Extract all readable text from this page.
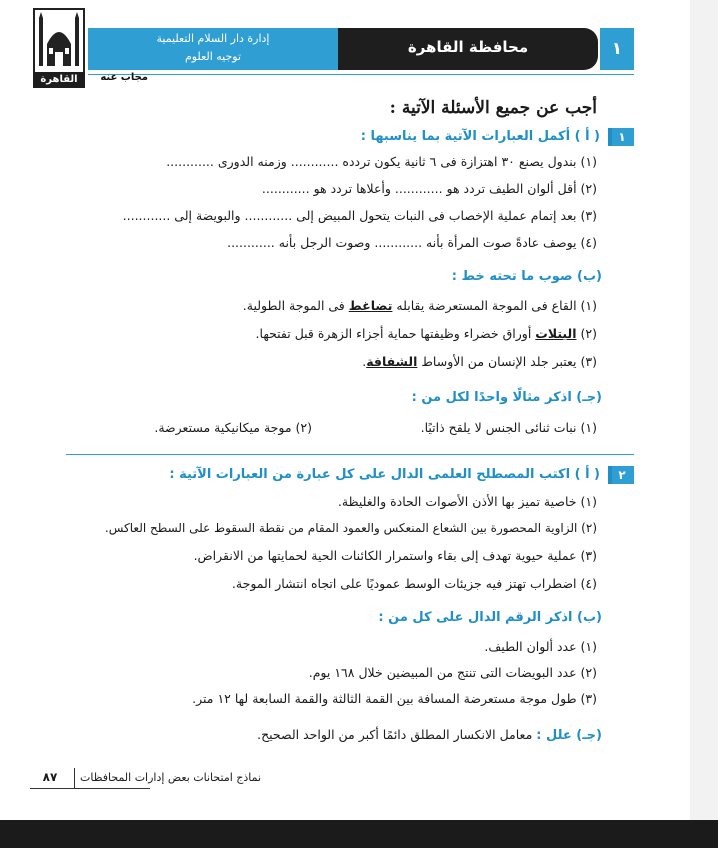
القاهرة
إدارة دار السلام التعليمية
توجيه العلوم
محافظة القاهرة	١
مجاب عنه
أجب عن جميع الأسئلة الآتية :
١
( أ ) أكمل العبارات الآتية بما يناسبها :
(١) بندول يصنع ٣٠ اهتزازة فى ٦ ثانية يكون تردده ............ وزمنه الدورى ............
(٢) أقل ألوان الطيف تردد هو ............ وأعلاها تردد هو ............
(٣) بعد إتمام عملية الإخصاب فى النبات يتحول المبيض إلى ............ والبويضة إلى ............
(٤) يوصف عادةً صوت المرأة بأنه ............ وصوت الرجل بأنه ............
(ب) صوب ما تحته خط :
(١) القاع فى الموجة المستعرضة يقابله تضاغط فى الموجة الطولية.
(٢) البتلات أوراق خضراء وظيفتها حماية أجزاء الزهرة قبل تفتحها.
(٣) يعتبر جلد الإنسان من الأوساط الشفافة.
(جـ) اذكر مثالًا واحدًا لكل من :
(١) نبات ثنائى الجنس لا يلقح ذاتيًا.
(٢) موجة ميكانيكية مستعرضة.
٢
( أ ) اكتب المصطلح العلمى الدال على كل عبارة من العبارات الآتية :
(١) خاصية تميز بها الأذن الأصوات الحادة والغليظة.
(٢) الزاوية المحصورة بين الشعاع المنعكس والعمود المقام من نقطة السقوط على السطح العاكس.
(٣) عملية حيوية تهدف إلى بقاء واستمرار الكائنات الحية لحمايتها من الانقراض.
(٤) اضطراب تهتز فيه جزيئات الوسط عموديًا على اتجاه انتشار الموجة.
(ب) اذكر الرقم الدال على كل من :
(١) عدد ألوان الطيف.
(٢) عدد البويضات التى تنتج من المبيضين خلال ١٦٨ يوم.
(٣) طول موجة مستعرضة المسافة بين القمة الثالثة والقمة السابعة لها ١٢ متر.
(جـ) علل : معامل الانكسار المطلق دائمًا أكبر من الواحد الصحيح.
٨٧	نماذج امتحانات بعض إدارات المحافظات
